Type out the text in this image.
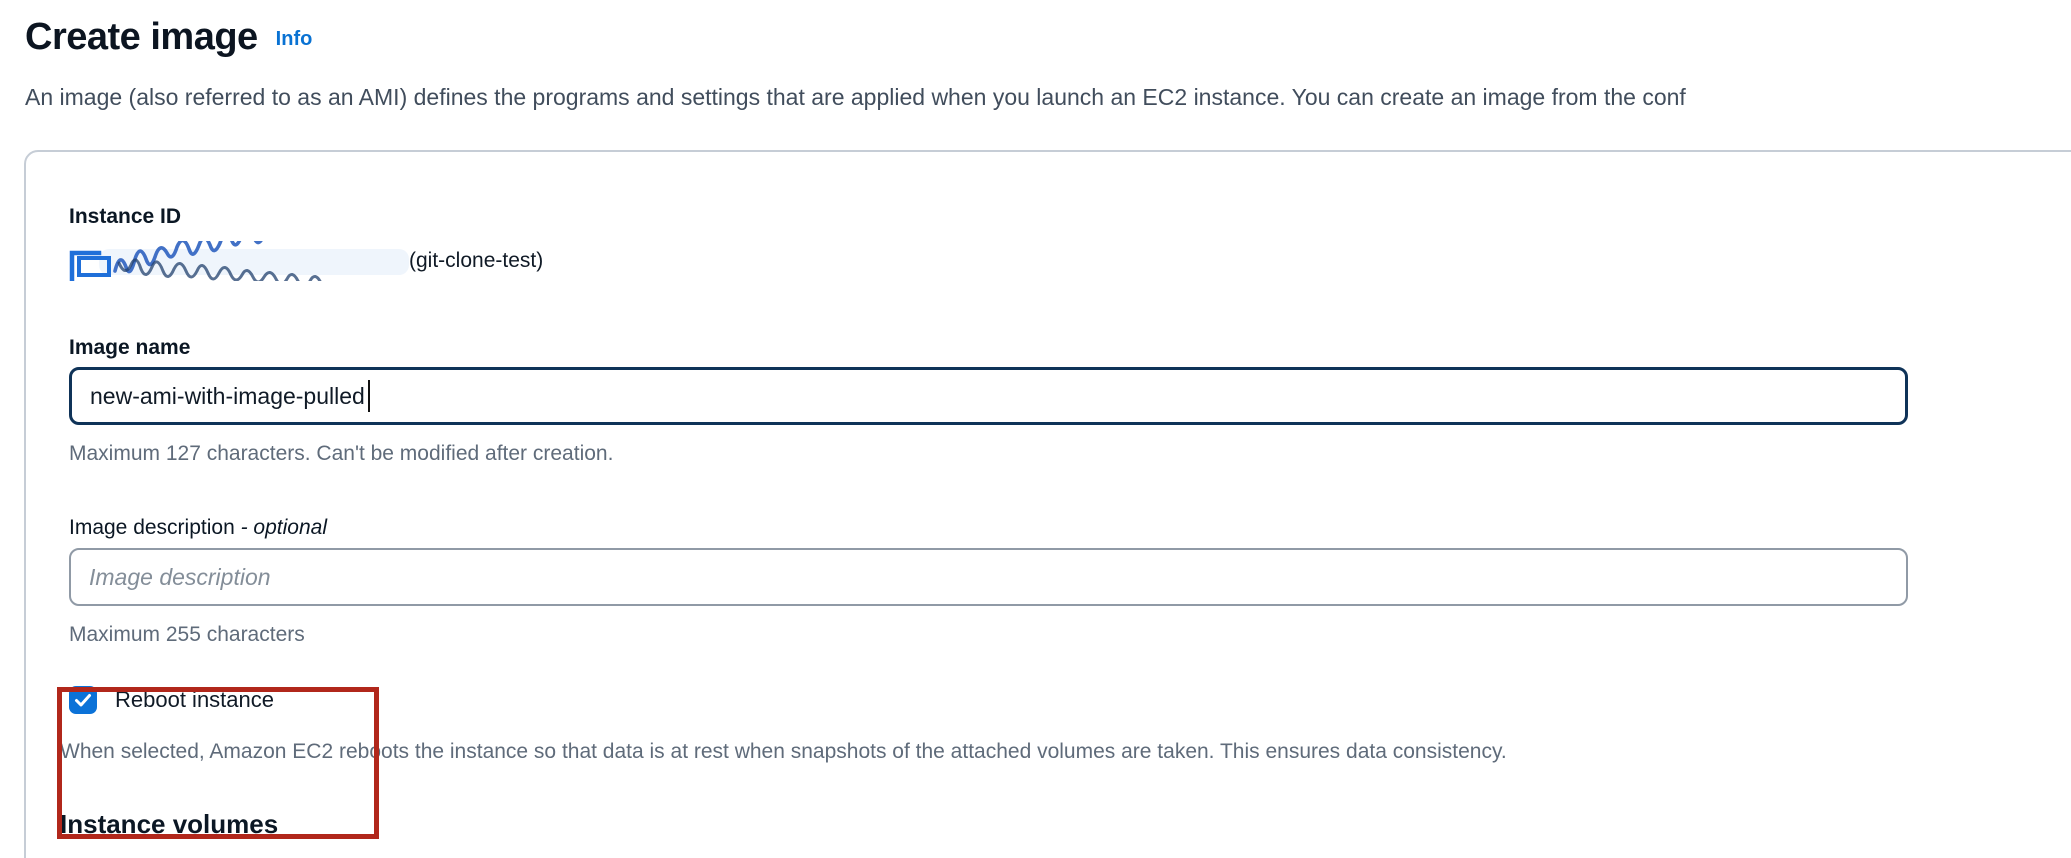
Create image Info

An image (also referred to as an AMI) defines the programs and settings that are applied when you launch an EC2 instance. You can create an image from the conf

Instance ID
(git-clone-test)
Image name
new-ami-with-image-pulled
Maximum 127 characters. Can't be modified after creation.
Image description - optional
Image description
Maximum 255 characters
Reboot instance
When selected, Amazon EC2 reboots the instance so that data is at rest when snapshots of the attached volumes are taken. This ensures data consistency.
Instance volumes
